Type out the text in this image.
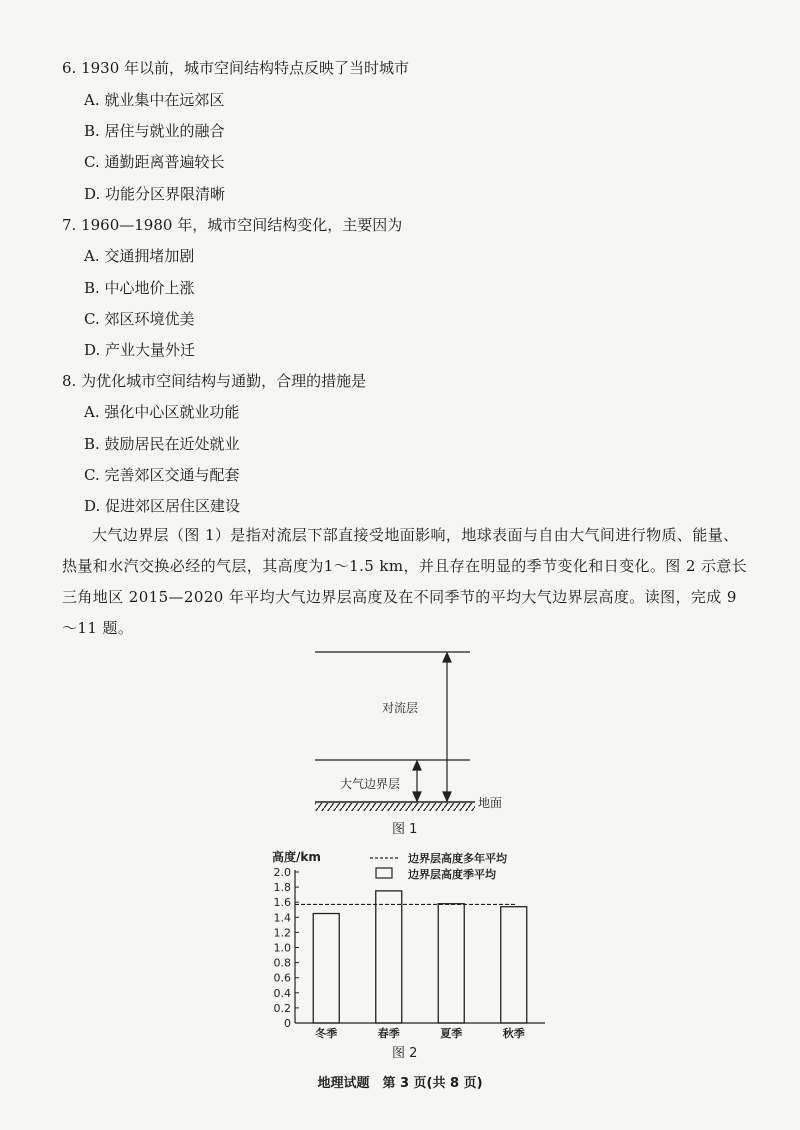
6. 1930 年以前，城市空间结构特点反映了当时城市
A. 就业集中在远郊区
B. 居住与就业的融合
C. 通勤距离普遍较长
D. 功能分区界限清晰
7. 1960—1980 年，城市空间结构变化，主要因为
A. 交通拥堵加剧
B. 中心地价上涨
C. 郊区环境优美
D. 产业大量外迁
8. 为优化城市空间结构与通勤，合理的措施是
A. 强化中心区就业功能
B. 鼓励居民在近处就业
C. 完善郊区交通与配套
D. 促进郊区居住区建设
大气边界层（图 1）是指对流层下部直接受地面影响，地球表面与自由大气间进行物质、能量、热量和水汽交换必经的气层，其高度为1～1.5 km，并且存在明显的季节变化和日变化。图 2 示意长三角地区 2015—2020 年平均大气边界层高度及在不同季节的平均大气边界层高度。读图，完成 9～11 题。
对流层
大气边界层
地面
图 1
高度/km	边界层高度多年平均
边界层高度季平均
0
0.2
0.4
0.6
0.8
1.0
1.2
1.4
1.6
1.8
2.0
冬季	春季	夏季	秋季
图 2
地理试题　第 3 页(共 8 页)
